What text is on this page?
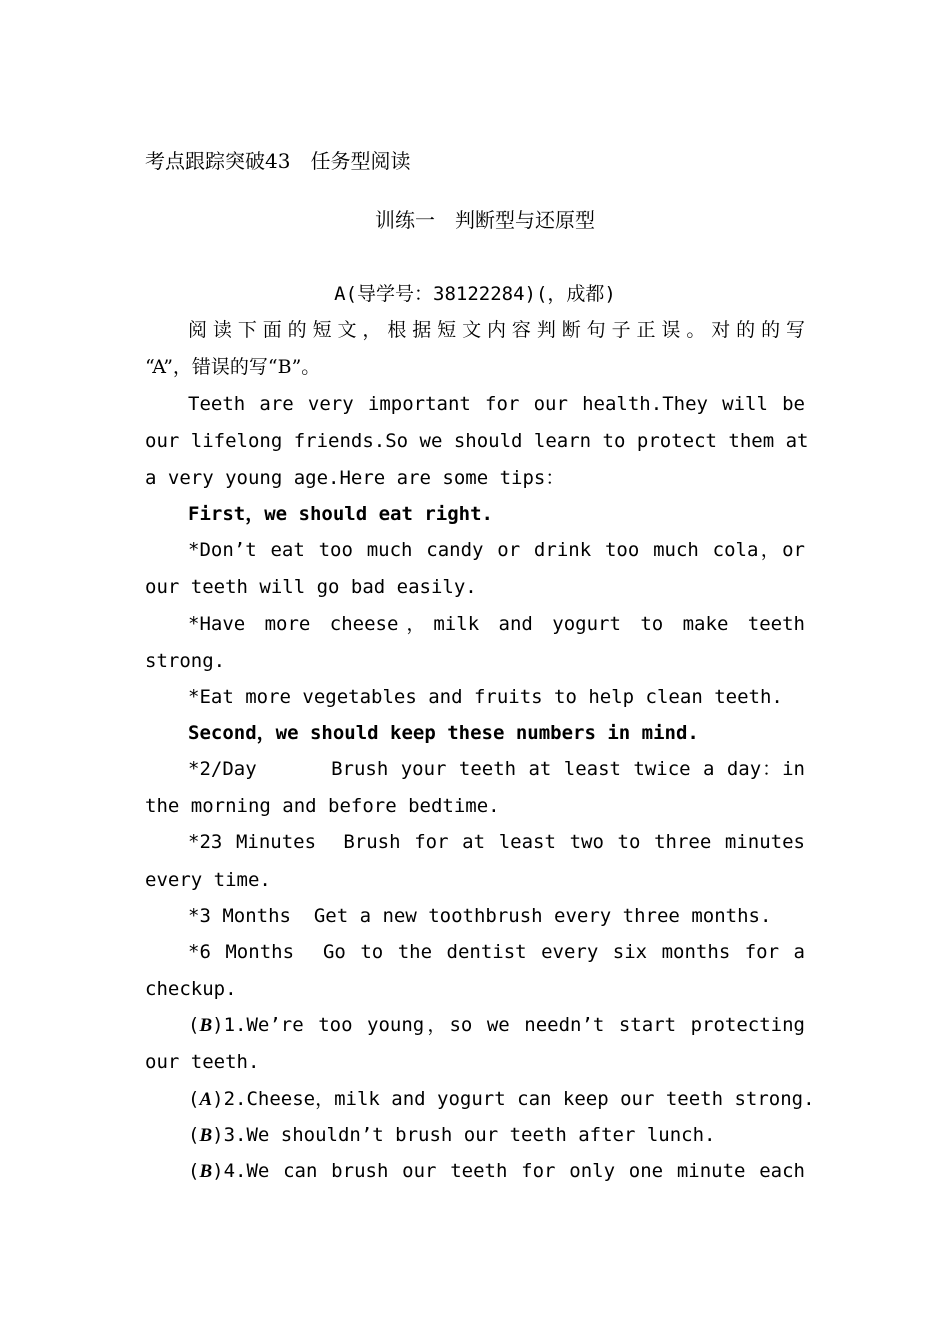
考点跟踪突破43　任务型阅读
训练一　判断型与还原型
A(导学号：38122284)(，成都)
阅读下面的短文，根据短文内容判断句子正误。对的的写
“A”，错误的写“B”。
Teeth are very important for our health.They will be
our lifelong friends.So we should learn to protect them at
a very young age.Here are some tips：
First，we should eat right.
*Don’t eat too much candy or drink too much cola，or
our teeth will go bad easily.
*Have more cheese，milk and yogurt to make teeth
strong.
*Eat more vegetables and fruits to help clean teeth.
Second，we should keep these numbers in mind.
*2/Day      Brush your teeth at least twice a day：in
the morning and before bedtime.
*23 Minutes  Brush for at least two to three minutes
every time.
*3 Months  Get a new toothbrush every three months.
*6 Months  Go to the dentist every six months for a
checkup.
(B)1.We’re too young，so we needn’t start protecting
our teeth.
(A)2.Cheese，milk and yogurt can keep our teeth strong.
(B)3.We shouldn’t brush our teeth after lunch.
(B)4.We can brush our teeth for only one minute each
